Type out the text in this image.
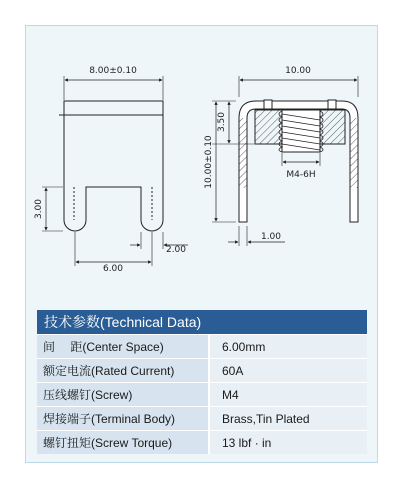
8.00±0.10
3.00
2.00
6.00
10.00
3.50
10.00±0.10	M4-6H
1.00
技术参数(Technical Data)	
间　 距(Center Space)	6.00mm
额定电流(Rated Current)	60A
压线螺钉(Screw)	M4
焊接端子(Terminal Body)	Brass,Tin Plated
螺钉扭矩(Screw Torque)	13 lbf · in
